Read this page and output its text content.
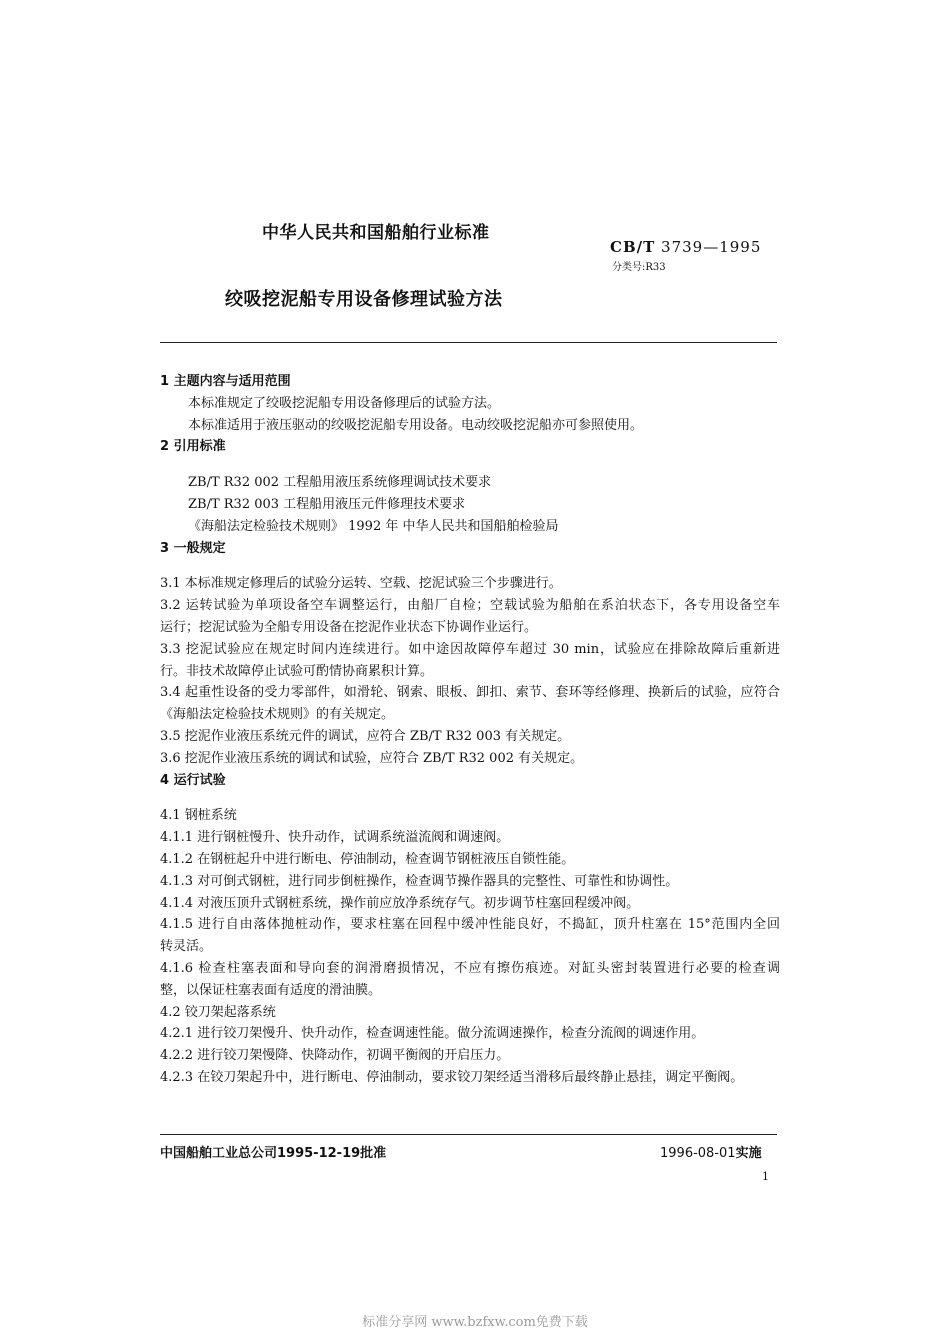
中华人民共和国船舶行业标准
CB/T 3739—1995
分类号:R33
绞吸挖泥船专用设备修理试验方法
1 主题内容与适用范围
本标准规定了绞吸挖泥船专用设备修理后的试验方法。
本标准适用于液压驱动的绞吸挖泥船专用设备。电动绞吸挖泥船亦可参照使用。
2 引用标准
ZB/T R32 002 工程船用液压系统修理调试技术要求
ZB/T R32 003 工程船用液压元件修理技术要求
《海船法定检验技术规则》 1992 年 中华人民共和国船舶检验局
3 一般规定
3.1 本标准规定修理后的试验分运转、空载、挖泥试验三个步骤进行。
3.2 运转试验为单项设备空车调整运行，由船厂自检；空载试验为船舶在系泊状态下，各专用设备空车
运行；挖泥试验为全船专用设备在挖泥作业状态下协调作业运行。
3.3 挖泥试验应在规定时间内连续进行。如中途因故障停车超过 30 min，试验应在排除故障后重新进
行。非技术故障停止试验可酌情协商累积计算。
3.4 起重性设备的受力零部件，如滑轮、钢索、眼板、卸扣、索节、套环等经修理、换新后的试验，应符合
《海船法定检验技术规则》的有关规定。
3.5 挖泥作业液压系统元件的调试，应符合 ZB/T R32 003 有关规定。
3.6 挖泥作业液压系统的调试和试验，应符合 ZB/T R32 002 有关规定。
4 运行试验
4.1 钢桩系统
4.1.1 进行钢桩慢升、快升动作，试调系统溢流阀和调速阀。
4.1.2 在钢桩起升中进行断电、停油制动，检查调节钢桩液压自锁性能。
4.1.3 对可倒式钢桩，进行同步倒桩操作，检查调节操作器具的完整性、可靠性和协调性。
4.1.4 对液压顶升式钢桩系统，操作前应放净系统存气。初步调节柱塞回程缓冲阀。
4.1.5 进行自由落体抛桩动作，要求柱塞在回程中缓冲性能良好，不捣缸，顶升柱塞在 15°范围内全回
转灵活。
4.1.6 检查柱塞表面和导向套的润滑磨损情况，不应有擦伤痕迹。对缸头密封装置进行必要的检查调
整，以保证柱塞表面有适度的滑油膜。
4.2 铰刀架起落系统
4.2.1 进行铰刀架慢升、快升动作，检查调速性能。做分流调速操作，检查分流阀的调速作用。
4.2.2 进行铰刀架慢降、快降动作，初调平衡阀的开启压力。
4.2.3 在铰刀架起升中，进行断电、停油制动，要求铰刀架经适当滑移后最终静止悬挂，调定平衡阀。
中国船舶工业总公司1995-12-19批准	1996-08-01实施
1
标准分享网 www.bzfxw.com免费下载
